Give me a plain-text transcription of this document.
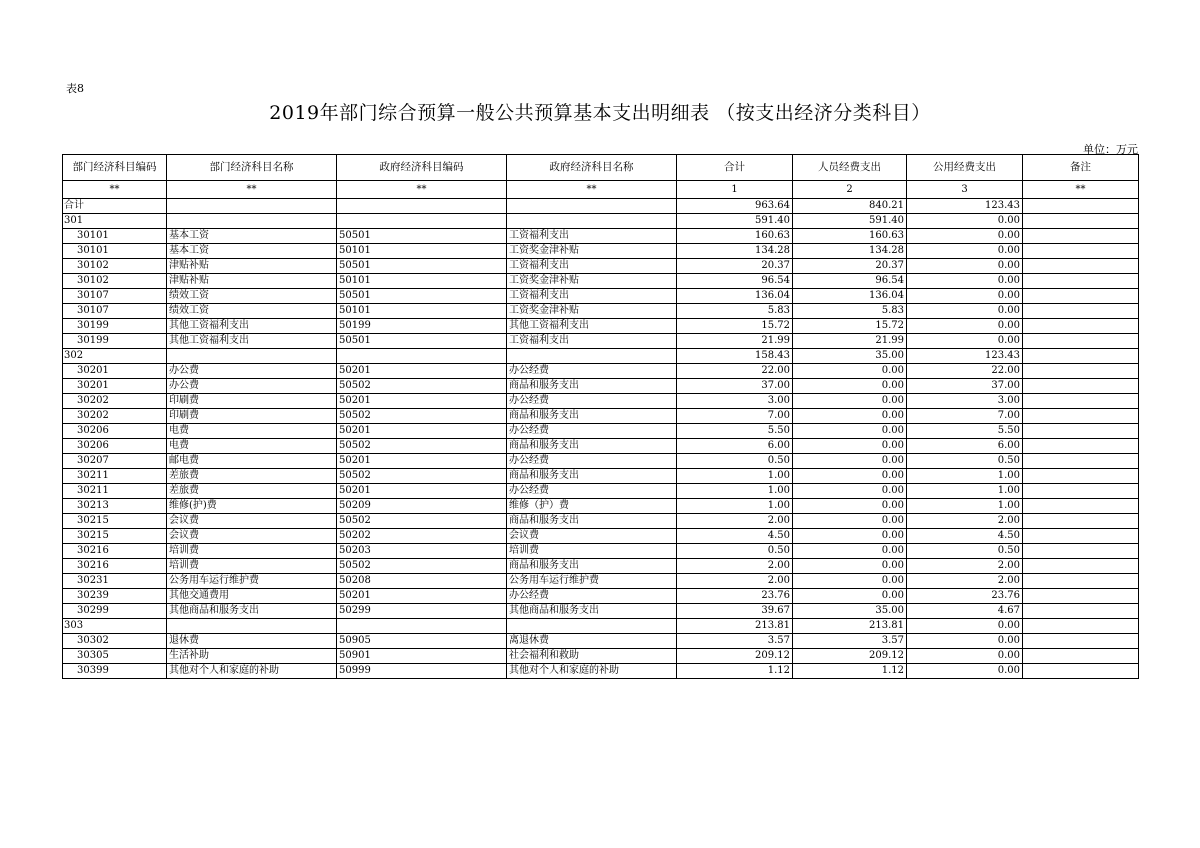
表8
2019年部门综合预算一般公共预算基本支出明细表 （按支出经济分类科目）
单位：万元
部门经济科目编码	部门经济科目名称	政府经济科目编码	政府经济科目名称	合计	人员经费支出	公用经费支出	备注
**	**	**	**	1	2	3	**
合计				963.64	840.21	123.43	
301				591.40	591.40	0.00	
30101	基本工资	50501	工资福利支出	160.63	160.63	0.00	
30101	基本工资	50101	工资奖金津补贴	134.28	134.28	0.00	
30102	津贴补贴	50501	工资福利支出	20.37	20.37	0.00	
30102	津贴补贴	50101	工资奖金津补贴	96.54	96.54	0.00	
30107	绩效工资	50501	工资福利支出	136.04	136.04	0.00	
30107	绩效工资	50101	工资奖金津补贴	5.83	5.83	0.00	
30199	其他工资福利支出	50199	其他工资福利支出	15.72	15.72	0.00	
30199	其他工资福利支出	50501	工资福利支出	21.99	21.99	0.00	
302				158.43	35.00	123.43	
30201	办公费	50201	办公经费	22.00	0.00	22.00	
30201	办公费	50502	商品和服务支出	37.00	0.00	37.00	
30202	印刷费	50201	办公经费	3.00	0.00	3.00	
30202	印刷费	50502	商品和服务支出	7.00	0.00	7.00	
30206	电费	50201	办公经费	5.50	0.00	5.50	
30206	电费	50502	商品和服务支出	6.00	0.00	6.00	
30207	邮电费	50201	办公经费	0.50	0.00	0.50	
30211	差旅费	50502	商品和服务支出	1.00	0.00	1.00	
30211	差旅费	50201	办公经费	1.00	0.00	1.00	
30213	维修(护)费	50209	维修（护）费	1.00	0.00	1.00	
30215	会议费	50502	商品和服务支出	2.00	0.00	2.00	
30215	会议费	50202	会议费	4.50	0.00	4.50	
30216	培训费	50203	培训费	0.50	0.00	0.50	
30216	培训费	50502	商品和服务支出	2.00	0.00	2.00	
30231	公务用车运行维护费	50208	公务用车运行维护费	2.00	0.00	2.00	
30239	其他交通费用	50201	办公经费	23.76	0.00	23.76	
30299	其他商品和服务支出	50299	其他商品和服务支出	39.67	35.00	4.67	
303				213.81	213.81	0.00	
30302	退休费	50905	离退休费	3.57	3.57	0.00	
30305	生活补助	50901	社会福利和救助	209.12	209.12	0.00	
30399	其他对个人和家庭的补助	50999	其他对个人和家庭的补助	1.12	1.12	0.00	
